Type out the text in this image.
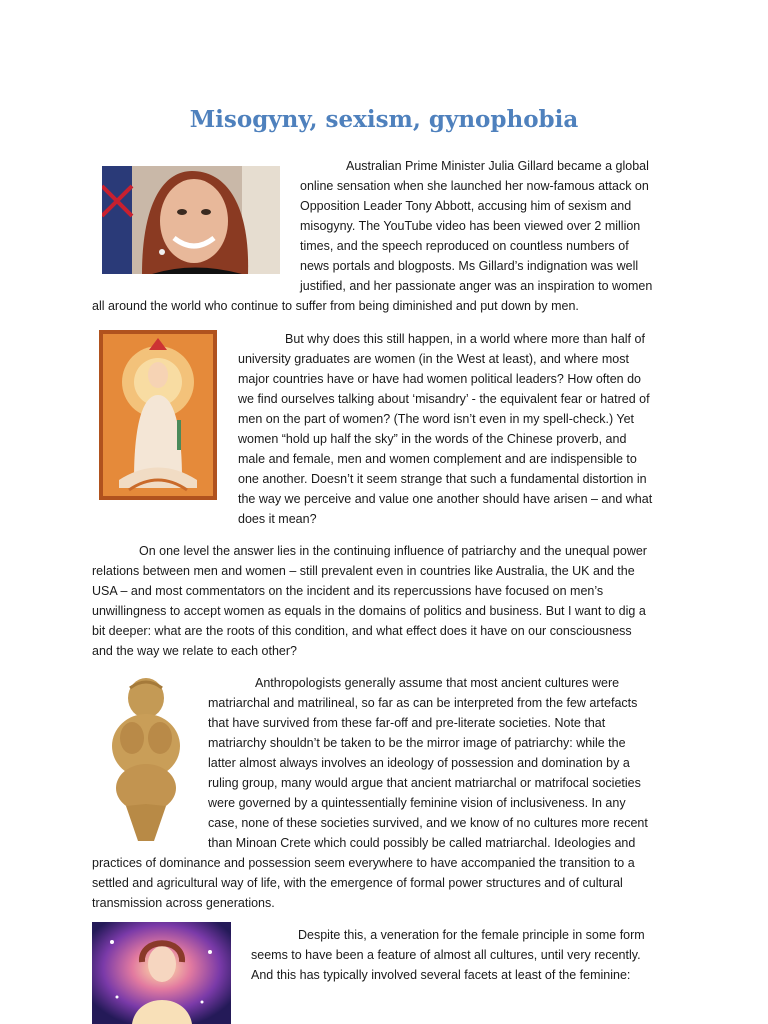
Misogyny, sexism, gynophobia
Australian Prime Minister Julia Gillard became a global
online sensation when she launched her now-famous attack on
Opposition Leader Tony Abbott, accusing him of sexism and
misogyny. The YouTube video has been viewed over 2 million
times, and the speech reproduced on countless numbers of
news portals and blogposts. Ms Gillard’s indignation was well
justified, and her passionate anger was an inspiration to women
all around the world who continue to suffer from being diminished and put down by men.
But why does this still happen, in a world where more than half of
university graduates are women (in the West at least), and where most
major countries have or have had women political leaders? How often do
we find ourselves talking about ‘misandry’ - the equivalent fear or hatred of
men on the part of women? (The word isn’t even in my spell-check.) Yet
women “hold up half the sky” in the words of the Chinese proverb, and
male and female, men and women complement and are indispensible to
one another. Doesn’t it seem strange that such a fundamental distortion in
the way we perceive and value one another should have arisen – and what
does it mean?
On one level the answer lies in the continuing influence of patriarchy and the unequal power
relations between men and women – still prevalent even in countries like Australia, the UK and the
USA – and most commentators on the incident and its repercussions have focused on men’s
unwillingness to accept women as equals in the domains of politics and business. But I want to dig a
bit deeper: what are the roots of this condition, and what effect does it have on our consciousness
and the way we relate to each other?
Anthropologists generally assume that most ancient cultures were
matriarchal and matrilineal, so far as can be interpreted from the few artefacts
that have survived from these far-off and pre-literate societies. Note that
matriarchy shouldn’t be taken to be the mirror image of patriarchy: while the
latter almost always involves an ideology of possession and domination by a
ruling group, many would argue that ancient matriarchal or matrifocal societies
were governed by a quintessentially feminine vision of inclusiveness. In any
case, none of these societies survived, and we know of no cultures more recent
than Minoan Crete which could possibly be called matriarchal. Ideologies and
practices of dominance and possession seem everywhere to have accompanied the transition to a
settled and agricultural way of life, with the emergence of formal power structures and of cultural
transmission across generations.
Despite this, a veneration for the female principle in some form
seems to have been a feature of almost all cultures, until very recently.
And this has typically involved several facets at least of the feminine:
